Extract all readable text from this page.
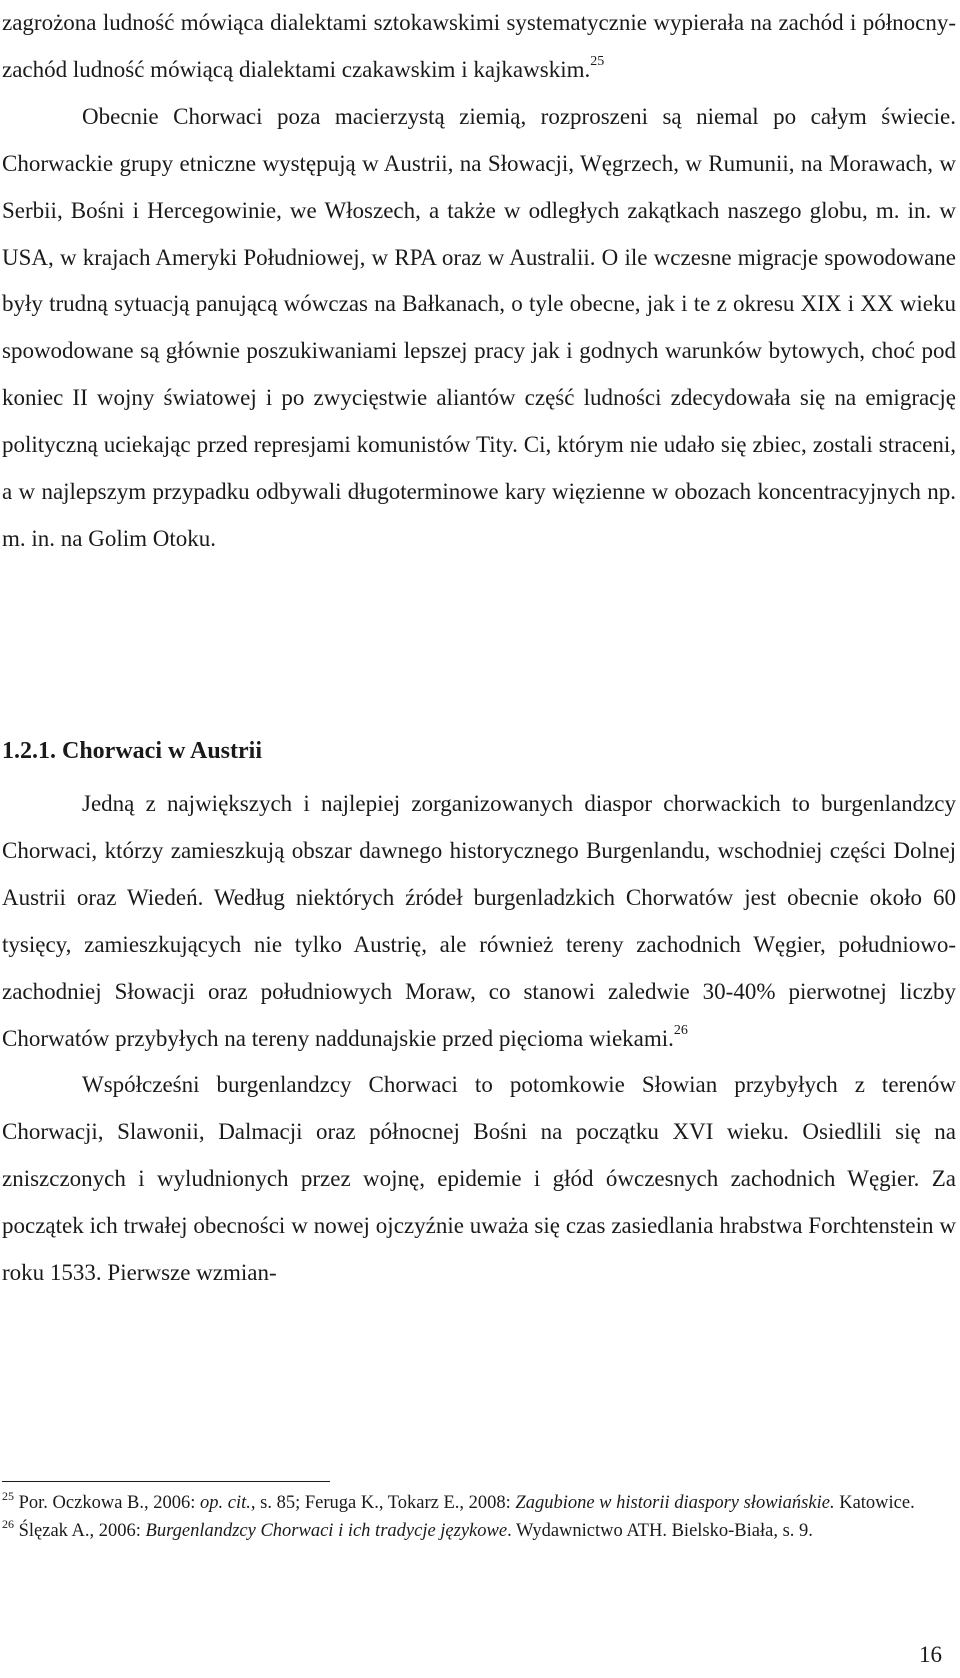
zagrożona ludność mówiąca dialektami sztokawskimi systematycznie wypierała na zachód i północny-zachód ludność mówiącą dialektami czakawskim i kajkawskim.$^{25}$

Obecnie Chorwaci poza macierzystą ziemią, rozproszeni są niemal po całym świecie. Chorwackie grupy etniczne występują w Austrii, na Słowacji, Węgrzech, w Rumunii, na Morawach, w Serbii, Bośni i Hercegowinie, we Włoszech, a także w odległych zakątkach naszego globu, m. in. w USA, w krajach Ameryki Południowej, w RPA oraz w Australii. O ile wczesne migracje spowodowane były trudną sytuacją panującą wówczas na Bałkanach, o tyle obecne, jak i te z okresu XIX i XX wieku spowodowane są głównie poszukiwaniami lepszej pracy jak i godnych warunków bytowych, choć pod koniec II wojny światowej i po zwycięstwie aliantów część ludności zdecydowała się na emigrację polityczną uciekając przed represjami komunistów Tity. Ci, którym nie udało się zbiec, zostali straceni, a w najlepszym przypadku odbywali długoterminowe kary więzienne w obozach koncentracyjnych np. m. in. na Golim Otoku.

1.2.1. Chorwaci w Austrii

Jedną z największych i najlepiej zorganizowanych diaspor chorwackich to burgenlandzcy Chorwaci, którzy zamieszkują obszar dawnego historycznego Burgenlandu, wschodniej części Dolnej Austrii oraz Wiedeń. Według niektórych źródeł burgenladzkich Chorwatów jest obecnie około 60 tysięcy, zamieszkujących nie tylko Austrię, ale również tereny zachodnich Węgier, południowo-zachodniej Słowacji oraz południowych Moraw, co stanowi zaledwie 30-40% pierwotnej liczby Chorwatów przybyłych na tereny naddunajskie przed pięcioma wiekami.$^{26}$

Współcześni burgenlandzcy Chorwaci to potomkowie Słowian przybyłych z terenów Chorwacji, Slawonii, Dalmacji oraz północnej Bośni na początku XVI wieku. Osiedlili się na zniszczonych i wyludnionych przez wojnę, epidemie i głód ówczesnych zachodnich Węgier. Za początek ich trwałej obecności w nowej ojczyźnie uważa się czas zasiedlania hrabstwa Forchtenstein w roku 1533. Pierwsze wzmian-

$^{25}$ Por. Oczkowa B., 2006: op. cit., s. 85; Feruga K., Tokarz E., 2008: Zagubione w historii diaspory słowiańskie. Katowice.

$^{26}$ Ślęzak A., 2006: Burgenlandzcy Chorwaci i ich tradycje językowe. Wydawnictwo ATH. Bielsko-Biała, s. 9.

16
